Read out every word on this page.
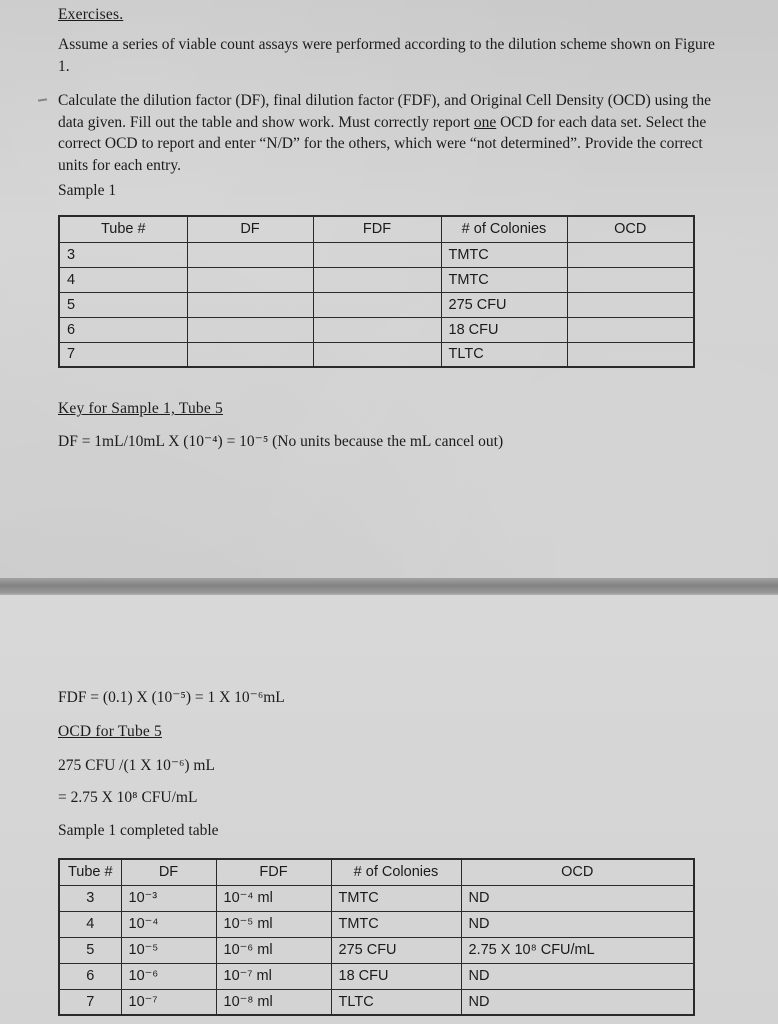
Exercises.
Assume a series of viable count assays were performed according to the dilution scheme shown on Figure 1.
Calculate the dilution factor (DF), final dilution factor (FDF), and Original Cell Density (OCD) using the data given. Fill out the table and show work. Must correctly report one OCD for each data set. Select the correct OCD to report and enter “N/D” for the others, which were “not determined”. Provide the correct units for each entry.
Sample 1
Tube #	DF	FDF	# of Colonies	OCD
3			TMTC	
4			TMTC	
5			275 CFU	
6			18 CFU	
7			TLTC	
Key for Sample 1, Tube 5
DF = 1mL/10mL X (10⁻⁴) = 10⁻⁵ (No units because the mL cancel out)
FDF = (0.1) X (10⁻⁵) = 1 X 10⁻⁶mL
OCD for Tube 5
275 CFU /(1 X 10⁻⁶) mL
= 2.75 X 10⁸ CFU/mL
Sample 1 completed table
Tube #	DF	FDF	# of Colonies	OCD
3	10⁻³	10⁻⁴ ml	TMTC	ND
4	10⁻⁴	10⁻⁵ ml	TMTC	ND
5	10⁻⁵	10⁻⁶ ml	275 CFU	2.75 X 10⁸ CFU/mL
6	10⁻⁶	10⁻⁷ ml	18 CFU	ND
7	10⁻⁷	10⁻⁸ ml	TLTC	ND
